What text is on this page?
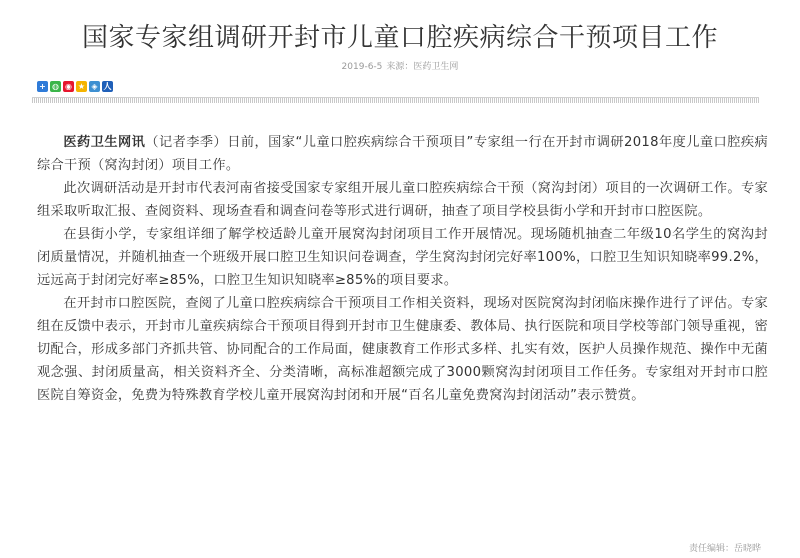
国家专家组调研开封市儿童口腔疾病综合干预项目工作
2019-6-5 来源：医药卫生网
+ ◍ ◉ ★ ◈ 人

医药卫生网讯（记者李季）日前，国家“儿童口腔疾病综合干预项目”专家组一行在开封市调研2018年度儿童口腔疾病综合干预（窝沟封闭）项目工作。

此次调研活动是开封市代表河南省接受国家专家组开展儿童口腔疾病综合干预（窝沟封闭）项目的一次调研工作。专家组采取听取汇报、查阅资料、现场查看和调查问卷等形式进行调研，抽查了项目学校县街小学和开封市口腔医院。

在县街小学，专家组详细了解学校适龄儿童开展窝沟封闭项目工作开展情况。现场随机抽查二年级10名学生的窝沟封闭质量情况，并随机抽查一个班级开展口腔卫生知识问卷调查，学生窝沟封闭完好率100%，口腔卫生知识知晓率99.2%，远远高于封闭完好率≥85%，口腔卫生知识知晓率≥85%的项目要求。

在开封市口腔医院，查阅了儿童口腔疾病综合干预项目工作相关资料，现场对医院窝沟封闭临床操作进行了评估。专家组在反馈中表示，开封市儿童疾病综合干预项目得到开封市卫生健康委、教体局、执行医院和项目学校等部门领导重视，密切配合，形成多部门齐抓共管、协同配合的工作局面，健康教育工作形式多样、扎实有效，医护人员操作规范、操作中无菌观念强、封闭质量高，相关资料齐全、分类清晰，高标准超额完成了3000颗窝沟封闭项目工作任务。专家组对开封市口腔医院自筹资金，免费为特殊教育学校儿童开展窝沟封闭和开展“百名儿童免费窝沟封闭活动”表示赞赏。

责任编辑：岳晓晔
